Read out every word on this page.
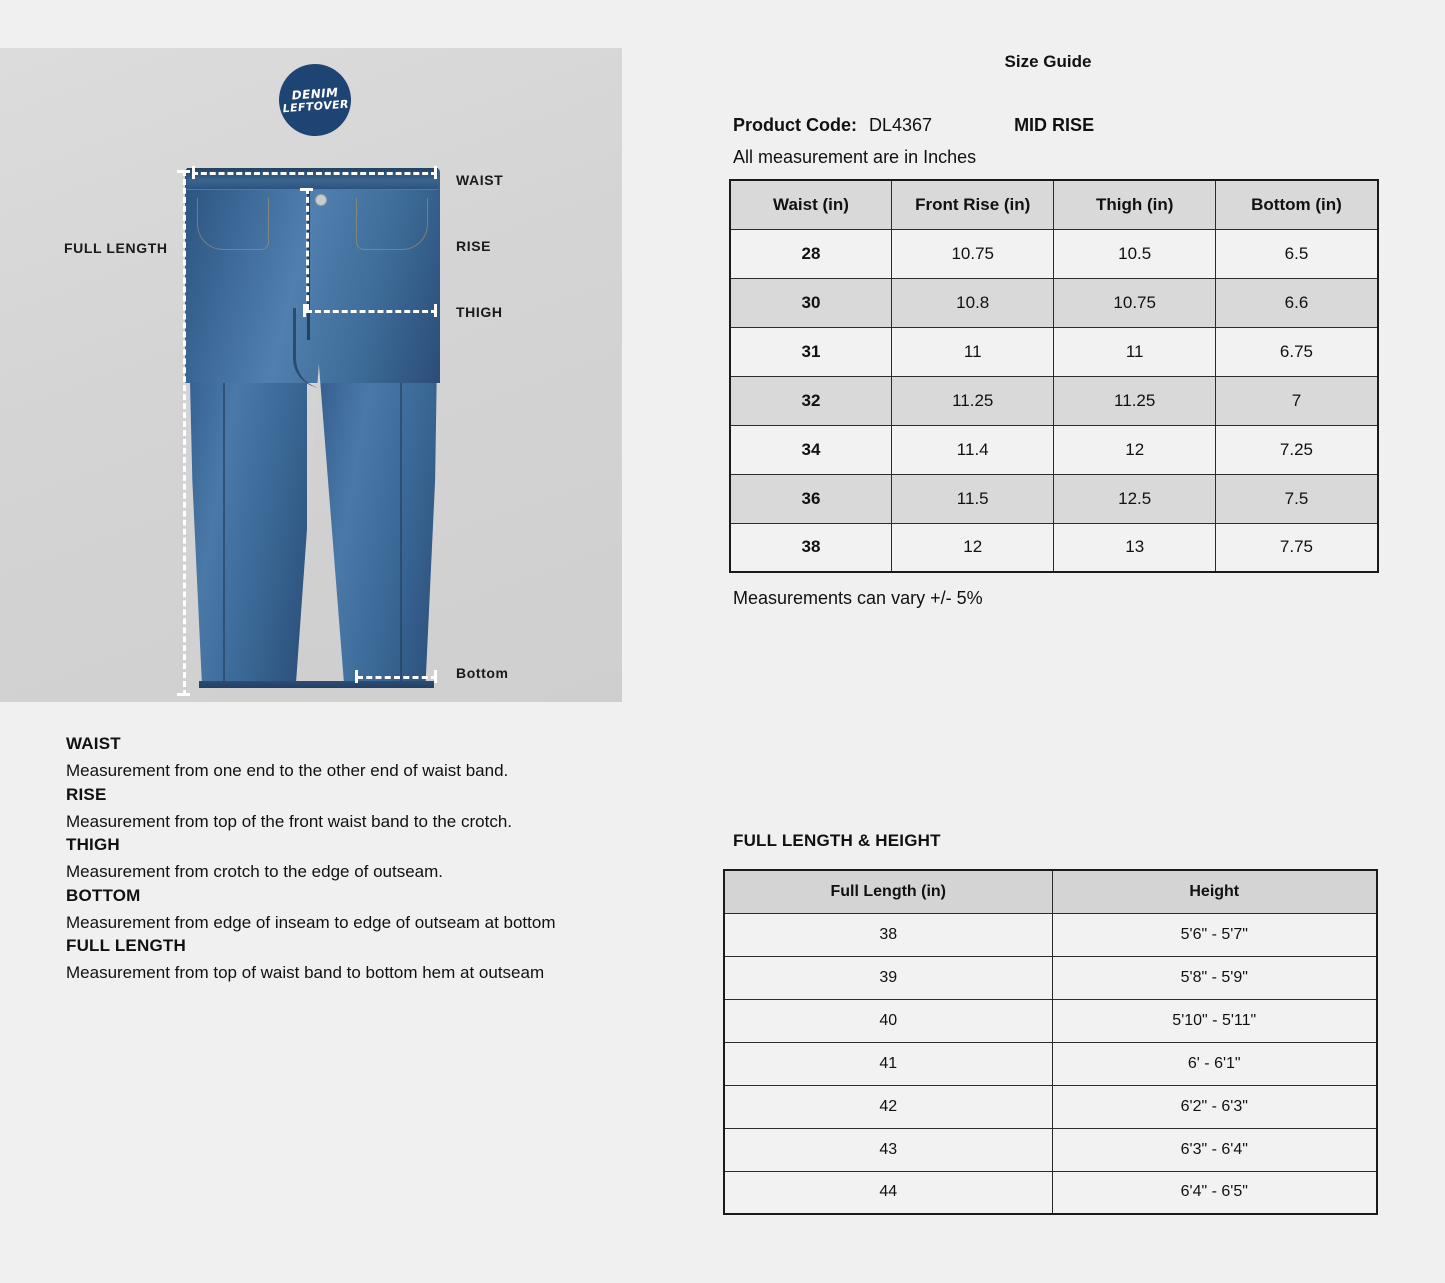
DENIM
LEFTOVER
FULL LENGTH
WAIST
RISE
THIGH
Bottom
WAIST
Measurement from one end to the other end of waist band.
RISE
Measurement from top of the front waist band to the crotch.
THIGH
Measurement from crotch to the edge of outseam.
BOTTOM
Measurement from edge of inseam to edge of outseam at bottom
FULL LENGTH
Measurement from top of waist band to bottom hem at outseam
Size Guide
Product Code: DL4367	MID RISE
All measurement are in Inches
Waist (in)	Front Rise (in)	Thigh (in)	Bottom (in)
28	10.75	10.5	6.5
30	10.8	10.75	6.6
31	11	11	6.75
32	11.25	11.25	7
34	11.4	12	7.25
36	11.5	12.5	7.5
38	12	13	7.75
Measurements can vary +/- 5%
FULL LENGTH & HEIGHT
Full Length (in)	Height
38	5'6" - 5'7"
39	5'8" - 5'9"
40	5'10" - 5'11"
41	6' - 6'1"
42	6'2" - 6'3"
43	6'3" - 6'4"
44	6'4" - 6'5"
